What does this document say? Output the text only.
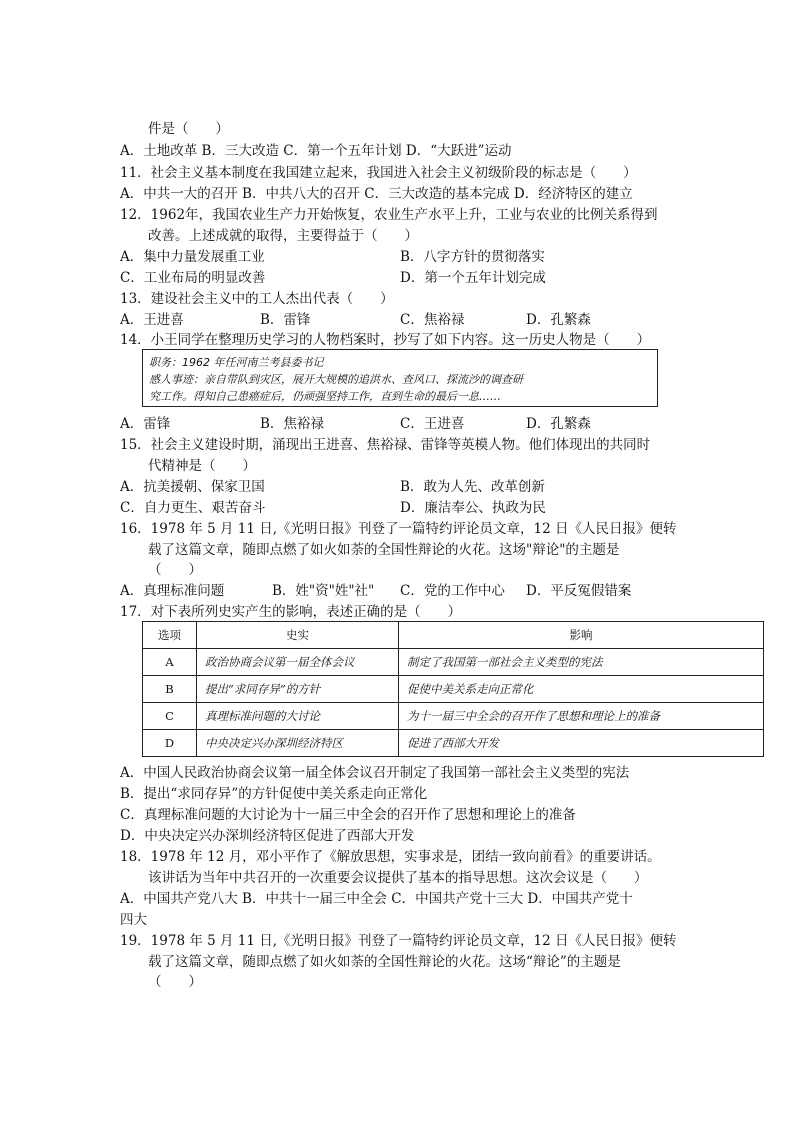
件是（　　）
A．土地改革 B．三大改造 C．第一个五年计划 D．“大跃进”运动
11．社会主义基本制度在我国建立起来，我国进入社会主义初级阶段的标志是（　　）
A．中共一大的召开 B．中共八大的召开 C．三大改造的基本完成 D．经济特区的建立
12．1962年，我国农业生产力开始恢复，农业生产水平上升，工业与农业的比例关系得到
改善。上述成就的取得，主要得益于（　　）
A．集中力量发展重工业	B．八字方针的贯彻落实
C．工业布局的明显改善	D．第一个五年计划完成
13．建设社会主义中的工人杰出代表（　　）
A．王进喜	B．雷锋	C．焦裕禄	D．孔繁森
14．小王同学在整理历史学习的人物档案时，抄写了如下内容。这一历史人物是（　　）
职务：1962 年任河南兰考县委书记
感人事迹：亲自带队到灾区，展开大规模的追洪水、查风口、探流沙的调查研
究工作。得知自己患癌症后，仍顽强坚持工作，直到生命的最后一息……
A．雷锋	B．焦裕禄	C．王进喜	D．孔繁森
15．社会主义建设时期，涌现出王进喜、焦裕禄、雷锋等英模人物。他们体现出的共同时
代精神是（　　）
A．抗美援朝、保家卫国	B．敢为人先、改革创新
C．自力更生、艰苦奋斗	D．廉洁奉公、执政为民
16．1978 年 5 月 11 日,《光明日报》刊登了一篇特约评论员文章，12 日《人民日报》便转
载了这篇文章，随即点燃了如火如荼的全国性辩论的火花。这场"辩论"的主题是
（　　）
A．真理标准问题	B．姓"资"姓"社" C．党的工作中心 D．平反冤假错案
17．对下表所列史实产生的影响，表述正确的是（　　）
选项	史实	影响
A	政治协商会议第一届全体会议	制定了我国第一部社会主义类型的宪法
B	提出“求同存异”的方针	促使中美关系走向正常化
C	真理标准问题的大讨论	为十一届三中全会的召开作了思想和理论上的准备
D	中央决定兴办深圳经济特区	促进了西部大开发
A．中国人民政治协商会议第一届全体会议召开制定了我国第一部社会主义类型的宪法
B．提出“求同存异”的方针促使中美关系走向正常化
C．真理标准问题的大讨论为十一届三中全会的召开作了思想和理论上的准备
D．中央决定兴办深圳经济特区促进了西部大开发
18．1978 年 12 月，邓小平作了《解放思想，实事求是，团结一致向前看》的重要讲话。
该讲话为当年中共召开的一次重要会议提供了基本的指导思想。这次会议是（　　）
A．中国共产党八大 B．中共十一届三中全会 C．中国共产党十三大 D．中国共产党十
四大
19．1978 年 5 月 11 日,《光明日报》刊登了一篇特约评论员文章，12 日《人民日报》便转
载了这篇文章，随即点燃了如火如荼的全国性辩论的火花。这场“辩论”的主题是
（　　）
